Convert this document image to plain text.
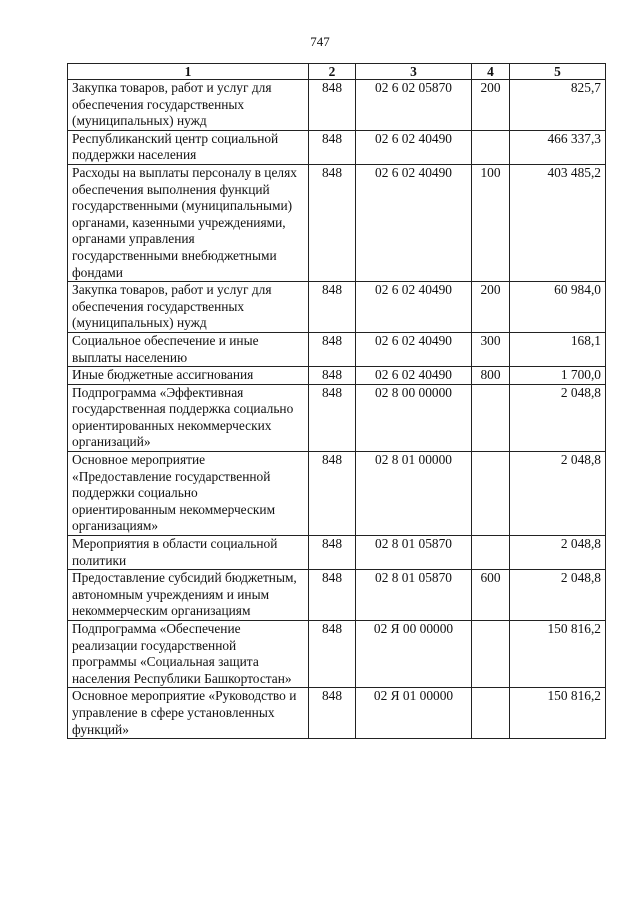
747
1	2	3	4	5
Закупка товаров, работ и услуг для обеспечения государственных (муниципальных) нужд	848	02 6 02 05870	200	825,7
Республиканский центр социальной поддержки населения	848	02 6 02 40490		466 337,3
Расходы на выплаты персоналу в целях обеспечения выполнения функций государственными (муниципальными) органами, казенными учреждениями, органами управления государственными внебюджетными фондами	848	02 6 02 40490	100	403 485,2
Закупка товаров, работ и услуг для обеспечения государственных (муниципальных) нужд	848	02 6 02 40490	200	60 984,0
Социальное обеспечение и иные выплаты населению	848	02 6 02 40490	300	168,1
Иные бюджетные ассигнования	848	02 6 02 40490	800	1 700,0
Подпрограмма «Эффективная государственная поддержка социально ориентированных некоммерческих организаций»	848	02 8 00 00000		2 048,8
Основное мероприятие «Предоставление государственной поддержки социально ориентированным некоммерческим организациям»	848	02 8 01 00000		2 048,8
Мероприятия в области социальной политики	848	02 8 01 05870		2 048,8
Предоставление субсидий бюджетным, автономным учреждениям и иным некоммерческим организациям	848	02 8 01 05870	600	2 048,8
Подпрограмма «Обеспечение реализации государственной программы «Социальная защита населения Республики Башкортостан»	848	02 Я 00 00000		150 816,2
Основное мероприятие «Руководство и управление в сфере установленных функций»	848	02 Я 01 00000		150 816,2
